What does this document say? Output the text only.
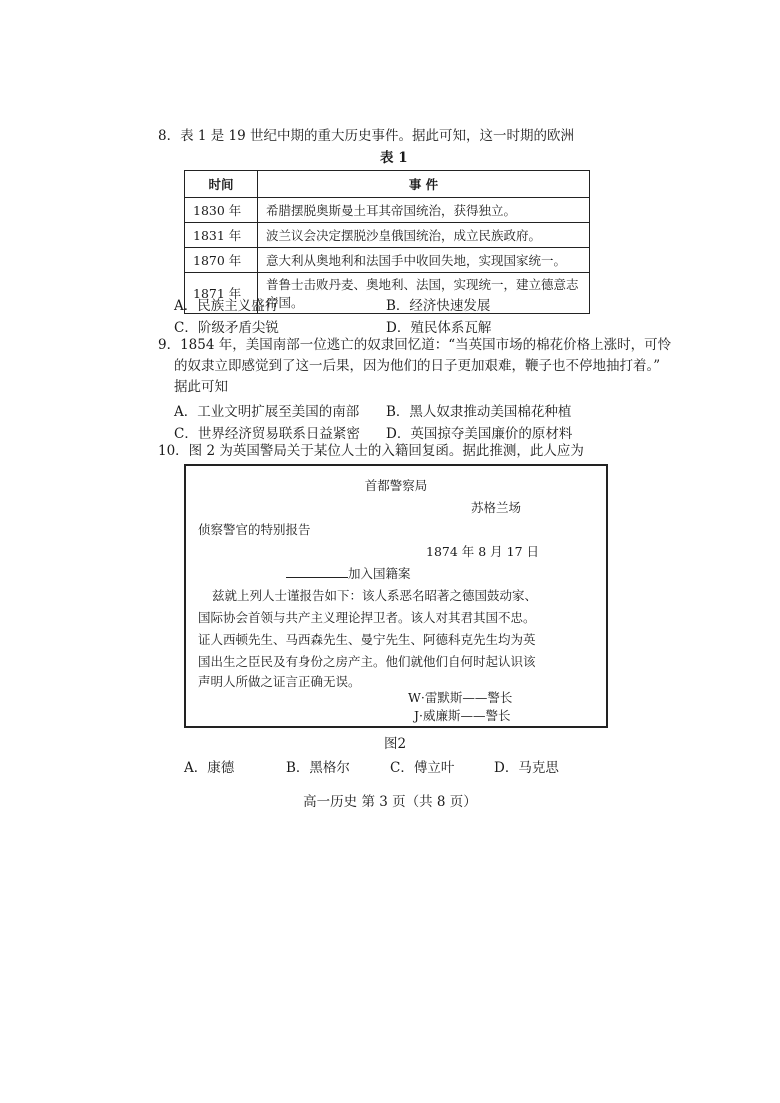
8．表 1 是 19 世纪中期的重大历史事件。据此可知，这一时期的欧洲
表 1
时间	事 件
1830 年	希腊摆脱奥斯曼土耳其帝国统治，获得独立。
1831 年	波兰议会决定摆脱沙皇俄国统治，成立民族政府。
1870 年	意大利从奥地利和法国手中收回失地，实现国家统一。
1871 年	普鲁士击败丹麦、奥地利、法国，实现统一，建立德意志帝国。
A．民族主义盛行	B．经济快速发展
C．阶级矛盾尖锐	D．殖民体系瓦解
9．1854 年，美国南部一位逃亡的奴隶回忆道：“当英国市场的棉花价格上涨时，可怜
的奴隶立即感觉到了这一后果，因为他们的日子更加艰难，鞭子也不停地抽打着。”
据此可知
A．工业文明扩展至美国的南部 B．黑人奴隶推动美国棉花种植
C．世界经济贸易联系日益紧密 D．英国掠夺美国廉价的原材料
10．图 2 为英国警局关于某位人士的入籍回复函。据此推测，此人应为
首都警察局
苏格兰场
侦察警官的特别报告
1874 年 8 月 17 日
加入国籍案
兹就上列人士谨报告如下：该人系恶名昭著之德国鼓动家、
国际协会首领与共产主义理论捍卫者。该人对其君其国不忠。
证人西顿先生、马西森先生、曼宁先生、阿德科克先生均为英
国出生之臣民及有身份之房产主。他们就他们自何时起认识该
声明人所做之证言正确无误。
W·雷默斯——警长
J·威廉斯——警长
图2
A．康德	B．黑格尔	C．傅立叶	D．马克思
高一历史 第 3 页（共 8 页）
